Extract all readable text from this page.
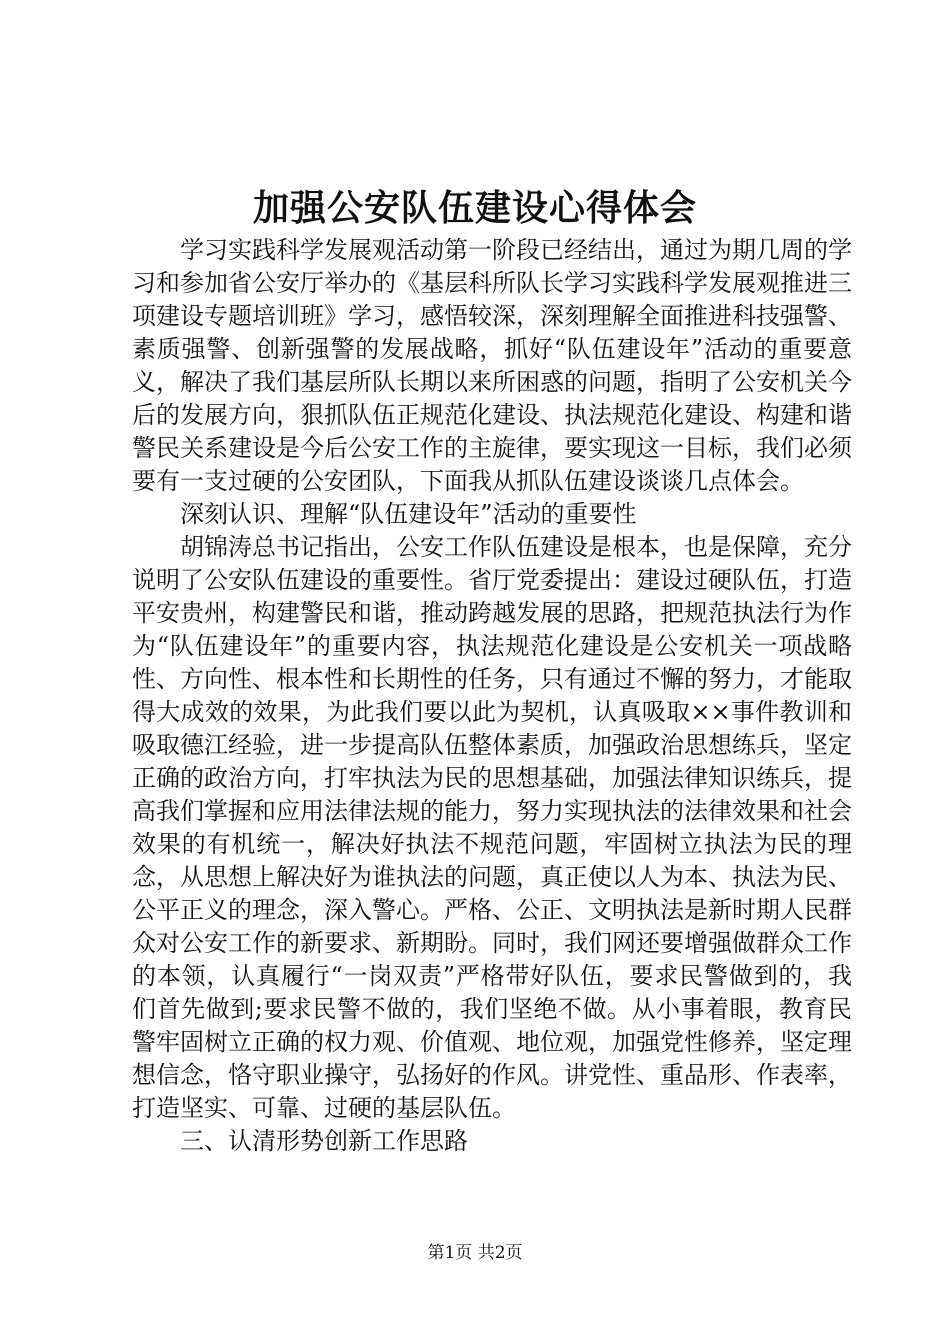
加强公安队伍建设心得体会

学习实践科学发展观活动第一阶段已经结出，通过为期几周的学习和参加省公安厅举办的《基层科所队长学习实践科学发展观推进三项建设专题培训班》学习，感悟较深，深刻理解全面推进科技强警、素质强警、创新强警的发展战略，抓好“队伍建设年”活动的重要意义，解决了我们基层所队长期以来所困惑的问题，指明了公安机关今后的发展方向，狠抓队伍正规范化建设、执法规范化建设、构建和谐警民关系建设是今后公安工作的主旋律，要实现这一目标，我们必须要有一支过硬的公安团队，下面我从抓队伍建设谈谈几点体会。

深刻认识、理解“队伍建设年”活动的重要性

胡锦涛总书记指出，公安工作队伍建设是根本，也是保障，充分说明了公安队伍建设的重要性。省厅党委提出：建设过硬队伍，打造平安贵州，构建警民和谐，推动跨越发展的思路，把规范执法行为作为“队伍建设年”的重要内容，执法规范化建设是公安机关一项战略性、方向性、根本性和长期性的任务，只有通过不懈的努力，才能取得大成效的效果，为此我们要以此为契机，认真吸取××事件教训和吸取德江经验，进一步提高队伍整体素质，加强政治思想练兵，坚定正确的政治方向，打牢执法为民的思想基础，加强法律知识练兵，提高我们掌握和应用法律法规的能力，努力实现执法的法律效果和社会效果的有机统一，解决好执法不规范问题，牢固树立执法为民的理念，从思想上解决好为谁执法的问题，真正使以人为本、执法为民、公平正义的理念，深入警心。严格、公正、文明执法是新时期人民群众对公安工作的新要求、新期盼。同时，我们网还要增强做群众工作的本领，认真履行“一岗双责”严格带好队伍，要求民警做到的，我们首先做到;要求民警不做的，我们坚绝不做。从小事着眼，教育民警牢固树立正确的权力观、价值观、地位观，加强党性修养，坚定理想信念，恪守职业操守，弘扬好的作风。讲党性、重品形、作表率，打造坚实、可靠、过硬的基层队伍。

三、认清形势创新工作思路

第1页 共2页
